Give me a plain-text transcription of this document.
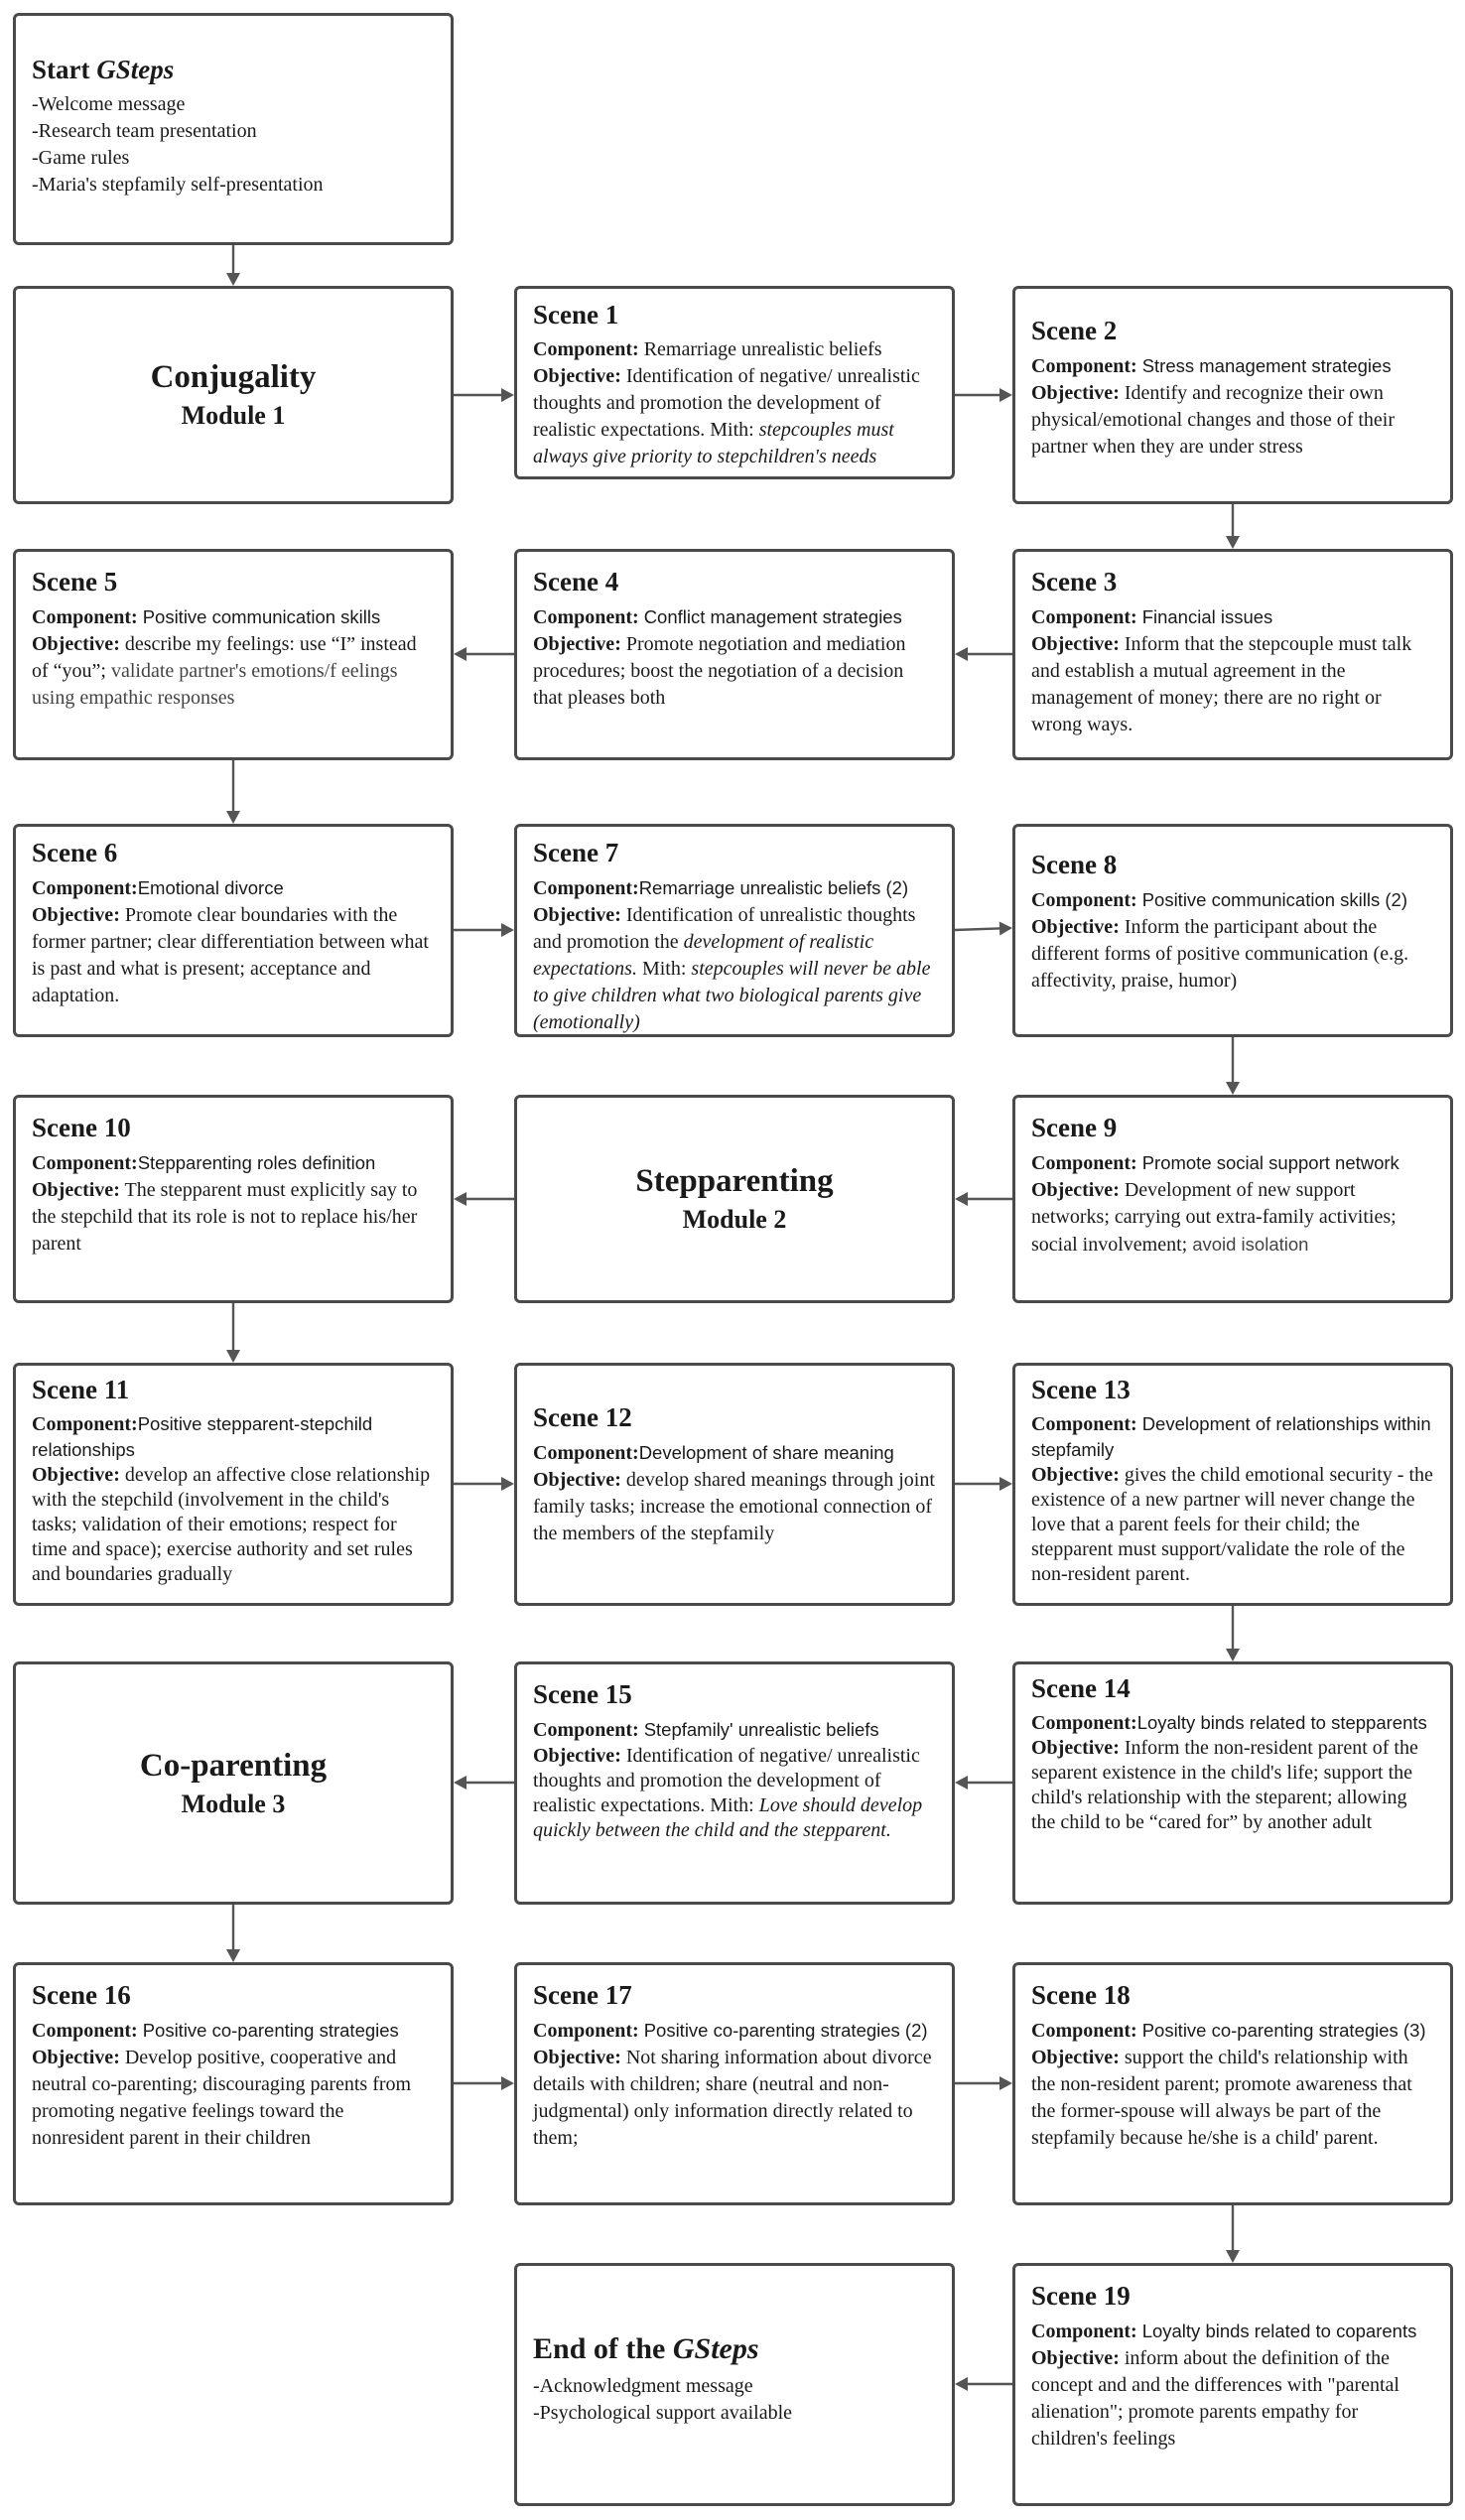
Start GSteps
-Welcome message
-Research team presentation
-Game rules
-Maria's stepfamily self-presentation
Conjugality
Module 1
Scene 1
Component: Remarriage unrealistic beliefs
Objective: Identification of negative/ unrealistic thoughts and promotion the development of realistic expectations. Mith: stepcouples must always give priority to stepchildren's needs
Scene 2
Component: Stress management strategies
Objective: Identify and recognize their own physical/emotional changes and those of their partner when they are under stress
Scene 5
Component: Positive communication skills
Objective: describe my feelings: use “I” instead of “you”; validate partner's emotions/f eelings using empathic responses
Scene 4
Component: Conflict management strategies
Objective: Promote negotiation and mediation procedures; boost the negotiation of a decision that pleases both
Scene 3
Component: Financial issues
Objective: Inform that the stepcouple must talk and establish a mutual agreement in the management of money; there are no right or wrong ways.
Scene 6
Component:Emotional divorce
Objective: Promote clear boundaries with the former partner; clear differentiation between what is past and what is present; acceptance and adaptation.
Scene 7
Component:Remarriage unrealistic beliefs (2)
Objective: Identification of unrealistic thoughts and promotion the development of realistic expectations. Mith: stepcouples will never be able to give children what two biological parents give (emotionally)
Scene 8
Component: Positive communication skills (2)
Objective: Inform the participant about the different forms of positive communication (e.g. affectivity, praise, humor)
Scene 10
Component:Stepparenting roles definition
Objective: The stepparent must explicitly say to the stepchild that its role is not to replace his/her parent
Stepparenting
Module 2
Scene 9
Component: Promote social support network
Objective: Development of new support networks; carrying out extra-family activities; social involvement; avoid isolation
Scene 11
Component:Positive stepparent-stepchild relationships
Objective: develop an affective close relationship with the stepchild (involvement in the child's tasks; validation of their emotions; respect for time and space); exercise authority and set rules and boundaries gradually
Scene 12
Component:Development of share meaning
Objective: develop shared meanings through joint family tasks; increase the emotional connection of the members of the stepfamily
Scene 13
Component: Development of relationships within stepfamily
Objective: gives the child emotional security - the existence of a new partner will never change the love that a parent feels for their child; the stepparent must support/validate the role of the non-resident parent.
Co-parenting
Module 3
Scene 15
Component: Stepfamily' unrealistic beliefs
Objective: Identification of negative/ unrealistic thoughts and promotion the development of realistic expectations. Mith: Love should develop quickly between the child and the stepparent.
Scene 14
Component:Loyalty binds related to stepparents
Objective: Inform the non-resident parent of the separent existence in the child's life; support the child's relationship with the steparent; allowing the child to be “cared for” by another adult
Scene 16
Component: Positive co-parenting strategies
Objective: Develop positive, cooperative and neutral co-parenting; discouraging parents from promoting negative feelings toward the nonresident parent in their children
Scene 17
Component: Positive co-parenting strategies (2)
Objective: Not sharing information about divorce details with children; share (neutral and non-judgmental) only information directly related to them;
Scene 18
Component: Positive co-parenting strategies (3)
Objective: support the child's relationship with the non-resident parent; promote awareness that the former-spouse will always be part of the stepfamily because he/she is a child' parent.
End of the GSteps
-Acknowledgment message
-Psychological support available
Scene 19
Component: Loyalty binds related to coparents
Objective: inform about the definition of the concept and and the differences with "parental alienation"; promote parents empathy for children's feelings
